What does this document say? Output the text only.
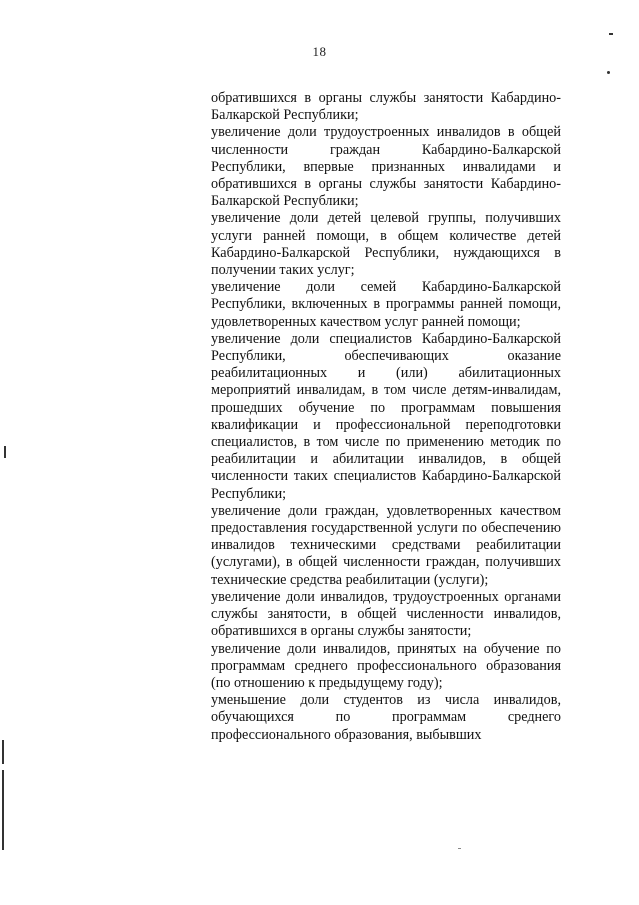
18

обратившихся в органы службы занятости Кабардино-Балкарской Республики;

увеличение доли трудоустроенных инвалидов в общей численности граждан Кабардино-Балкарской Республики, впервые признанных инвалидами и обратившихся в органы службы занятости Кабардино-Балкарской Республики;

увеличение доли детей целевой группы, получивших услуги ранней помощи, в общем количестве детей Кабардино-Балкарской Республики, нуждающихся в получении таких услуг;

увеличение доли семей Кабардино-Балкарской Республики, включенных в программы ранней помощи, удовлетворенных качеством услуг ранней помощи;

увеличение доли специалистов Кабардино-Балкарской Республики, обеспечивающих оказание реабилитационных и (или) абилитационных мероприятий инвалидам, в том числе детям-инвалидам, прошедших обучение по программам повышения квалификации и профессиональной переподготовки специалистов, в том числе по применению методик по реабилитации и абилитации инвалидов, в общей численности таких специалистов Кабардино-Балкарской Республики;

увеличение доли граждан, удовлетворенных качеством предоставления государственной услуги по обеспечению инвалидов техническими средствами реабилитации (услугами), в общей численности граждан, получивших технические средства реабилитации (услуги);

увеличение доли инвалидов, трудоустроенных органами службы занятости, в общей численности инвалидов, обратившихся в органы службы занятости;

увеличение доли инвалидов, принятых на обучение по программам среднего профессионального образования (по отношению к предыдущему году);

уменьшение доли студентов из числа инвалидов, обучающихся по программам среднего профессионального образования, выбывших
